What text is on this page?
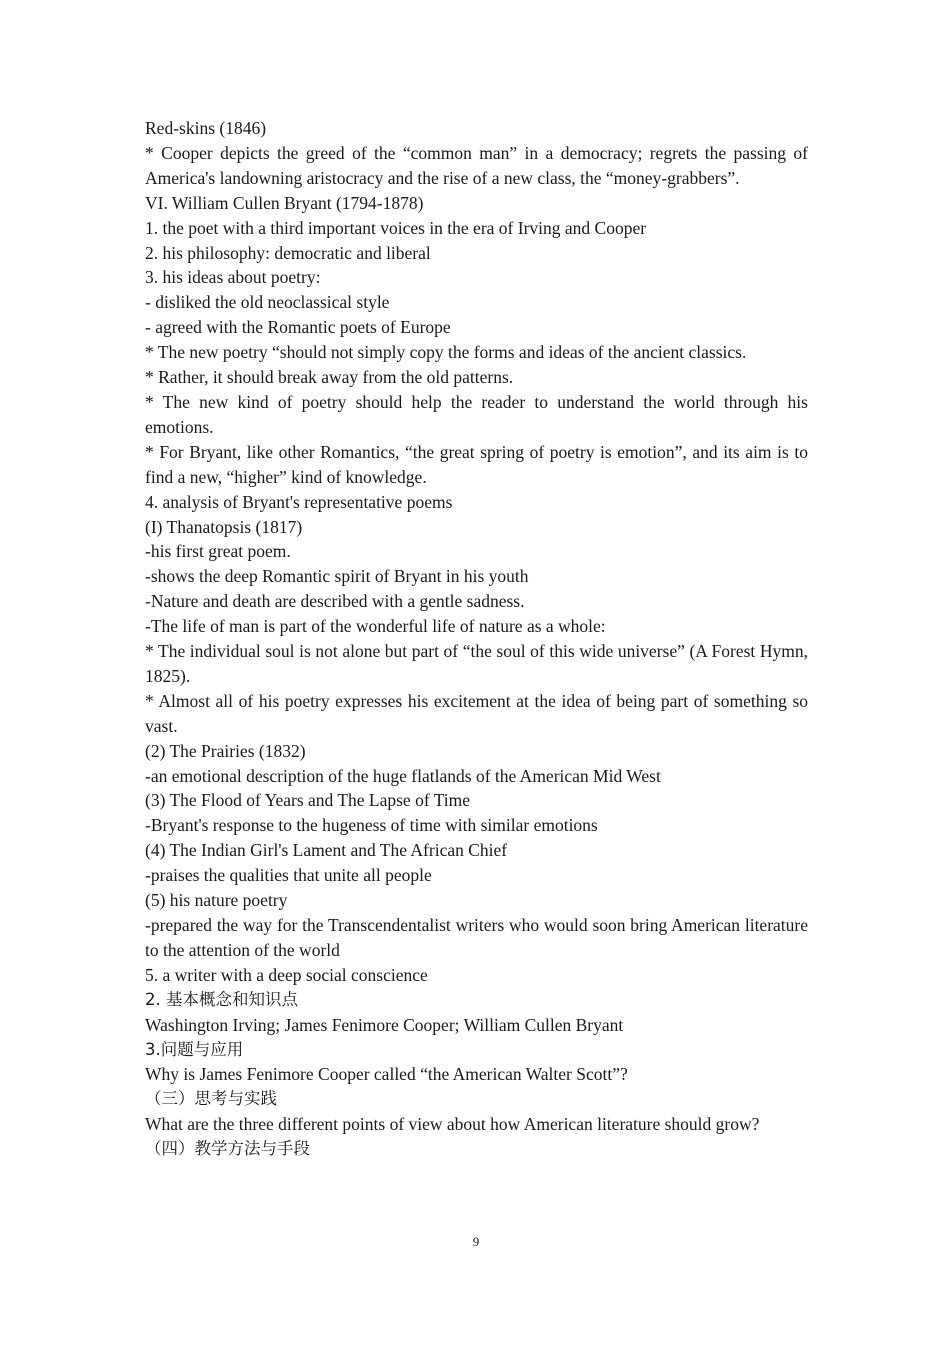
Red-skins (1846)
* Cooper depicts the greed of the “common man” in a democracy; regrets the passing of America's landowning aristocracy and the rise of a new class, the “money-grabbers”.
VI. William Cullen Bryant (1794-1878)
1. the poet with a third important voices in the era of Irving and Cooper
2. his philosophy: democratic and liberal
3. his ideas about poetry:
- disliked the old neoclassical style
- agreed with the Romantic poets of Europe
* The new poetry “should not simply copy the forms and ideas of the ancient classics.
* Rather, it should break away from the old patterns.
* The new kind of poetry should help the reader to understand the world through his emotions.
* For Bryant, like other Romantics, “the great spring of poetry is emotion”, and its aim is to find a new, “higher” kind of knowledge.
4. analysis of Bryant's representative poems
(I) Thanatopsis (1817)
-his first great poem.
-shows the deep Romantic spirit of Bryant in his youth
-Nature and death are described with a gentle sadness.
-The life of man is part of the wonderful life of nature as a whole:
* The individual soul is not alone but part of “the soul of this wide universe” (A Forest Hymn, 1825).
* Almost all of his poetry expresses his excitement at the idea of being part of something so vast.
(2) The Prairies (1832)
-an emotional description of the huge flatlands of the American Mid West
(3) The Flood of Years and The Lapse of Time
-Bryant's response to the hugeness of time with similar emotions
(4) The Indian Girl's Lament and The African Chief
-praises the qualities that unite all people
(5) his nature poetry
-prepared the way for the Transcendentalist writers who would soon bring American literature to the attention of the world
5. a writer with a deep social conscience
2. 基本概念和知识点
Washington Irving; James Fenimore Cooper; William Cullen Bryant
3.问题与应用
Why is James Fenimore Cooper called “the American Walter Scott”?
（三）思考与实践
What are the three different points of view about how American literature should grow?
（四）教学方法与手段
9
